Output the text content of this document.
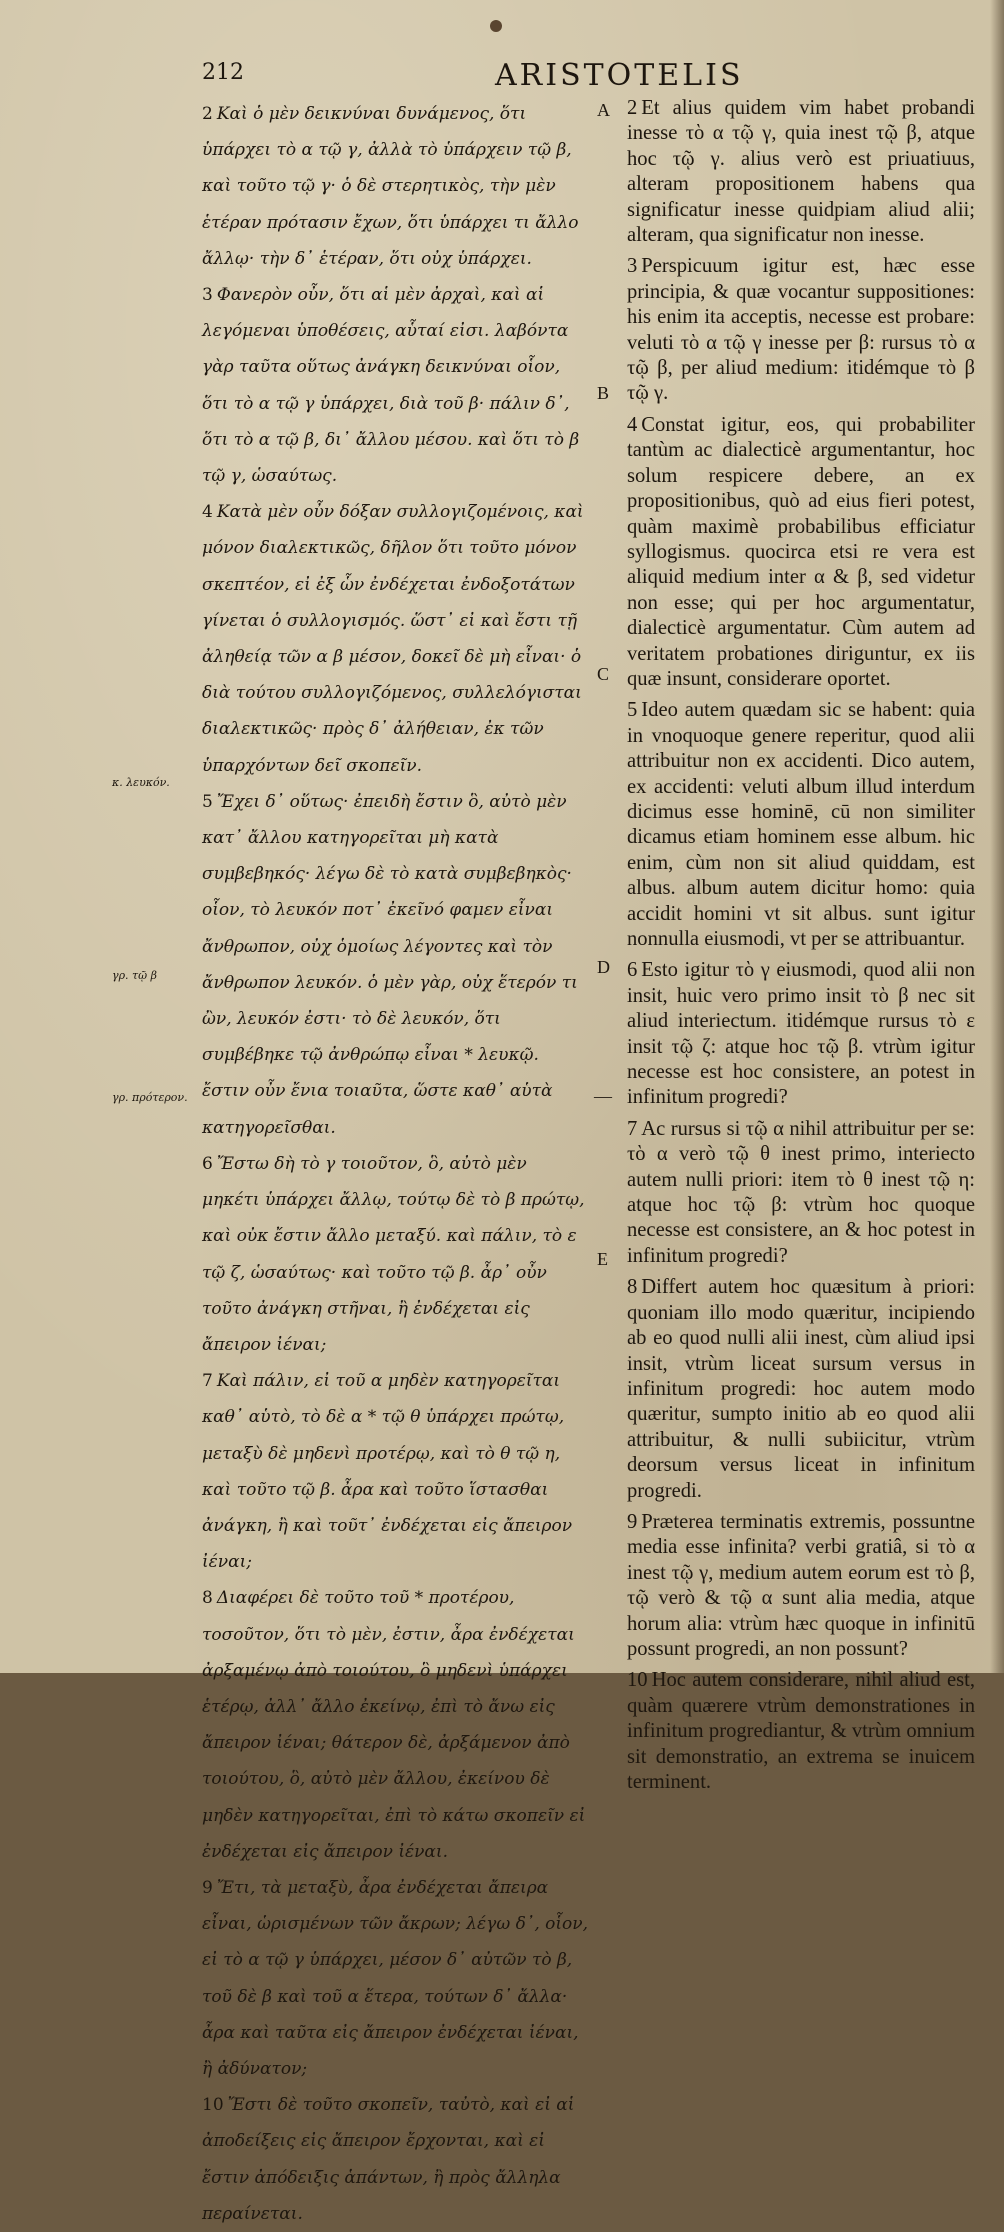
212	ARISTOTELIS

2 Καὶ ὁ μὲν δεικνύναι δυνάμενος, ὅτι ὑπάρχει τὸ α τῷ γ, ἀλλὰ τὸ ὑπάρχειν τῷ β, καὶ τοῦτο τῷ γ· ὁ δὲ στερητικὸς, τὴν μὲν ἑτέραν πρότασιν ἔχων, ὅτι ὑπάρχει τι ἄλλο ἄλλῳ· τὴν δ᾽ ἑτέραν, ὅτι οὐχ ὑπάρχει.

3 Φανερὸν οὖν, ὅτι αἱ μὲν ἀρχαὶ, καὶ αἱ λεγόμεναι ὑποθέσεις, αὗταί εἰσι. λαβόντα γὰρ ταῦτα οὕτως ἀνάγκη δεικνύναι οἷον, ὅτι τὸ α τῷ γ ὑπάρχει, διὰ τοῦ β· πάλιν δ᾽, ὅτι τὸ α τῷ β, δι᾽ ἄλλου μέσου. καὶ ὅτι τὸ β τῷ γ, ὡσαύτως.

4 Κατὰ μὲν οὖν δόξαν συλλογιζομένοις, καὶ μόνον διαλεκτικῶς, δῆλον ὅτι τοῦτο μόνον σκεπτέον, εἰ ἐξ ὧν ἐνδέχεται ἐνδοξοτάτων γίνεται ὁ συλλογισμός. ὥστ᾽ εἰ καὶ ἔστι τῇ ἀληθείᾳ τῶν α β μέσον, δοκεῖ δὲ μὴ εἶναι· ὁ διὰ τούτου συλλογιζόμενος, συλλελόγισται διαλεκτικῶς· πρὸς δ᾽ ἀλήθειαν, ἐκ τῶν ὑπαρχόντων δεῖ σκοπεῖν.

5 Ἔχει δ᾽ οὕτως· ἐπειδὴ ἔστιν ὃ, αὐτὸ μὲν κατ᾽ ἄλλου κατηγορεῖται μὴ κατὰ συμβεβηκός· λέγω δὲ τὸ κατὰ συμβεβηκὸς· οἷον, τὸ λευκόν ποτ᾽ ἐκεῖνό φαμεν εἶναι ἄνθρωπον, οὐχ ὁμοίως λέγοντες καὶ τὸν ἄνθρωπον λευκόν. ὁ μὲν γὰρ, οὐχ ἕτερόν τι ὢν, λευκόν ἐστι· τὸ δὲ λευκόν, ὅτι συμβέβηκε τῷ ἀνθρώπῳ εἶναι * λευκῷ. ἔστιν οὖν ἔνια τοιαῦτα, ὥστε καθ᾽ αὑτὰ κατηγορεῖσθαι.

6 Ἔστω δὴ τὸ γ τοιοῦτον, ὃ, αὐτὸ μὲν μηκέτι ὑπάρχει ἄλλῳ, τούτῳ δὲ τὸ β πρώτῳ, καὶ οὐκ ἔστιν ἄλλο μεταξύ. καὶ πάλιν, τὸ ε τῷ ζ, ὡσαύτως· καὶ τοῦτο τῷ β. ἆρ᾽ οὖν τοῦτο ἀνάγκη στῆναι, ἢ ἐνδέχεται εἰς ἄπειρον ἰέναι;

7 Καὶ πάλιν, εἰ τοῦ α μηδὲν κατηγορεῖται καθ᾽ αὑτὸ, τὸ δὲ α * τῷ θ ὑπάρχει πρώτῳ, μεταξὺ δὲ μηδενὶ προτέρῳ, καὶ τὸ θ τῷ η, καὶ τοῦτο τῷ β. ἆρα καὶ τοῦτο ἵστασθαι ἀνάγκη, ἢ καὶ τοῦτ᾽ ἐνδέχεται εἰς ἄπειρον ἰέναι;

8 Διαφέρει δὲ τοῦτο τοῦ * προτέρου, τοσοῦτον, ὅτι τὸ μὲν, ἐστιν, ἆρα ἐνδέχεται ἀρξαμένῳ ἀπὸ τοιούτου, ὃ μηδενὶ ὑπάρχει ἑτέρῳ, ἀλλ᾽ ἄλλο ἐκείνῳ, ἐπὶ τὸ ἄνω εἰς ἄπειρον ἰέναι; θάτερον δὲ, ἀρξάμενον ἀπὸ τοιούτου, ὃ, αὐτὸ μὲν ἄλλου, ἐκείνου δὲ μηδὲν κατηγορεῖται, ἐπὶ τὸ κάτω σκοπεῖν εἰ ἐνδέχεται εἰς ἄπειρον ἰέναι.

9 Ἔτι, τὰ μεταξὺ, ἆρα ἐνδέχεται ἄπειρα εἶναι, ὡρισμένων τῶν ἄκρων; λέγω δ᾽, οἷον, εἰ τὸ α τῷ γ ὑπάρχει, μέσον δ᾽ αὐτῶν τὸ β, τοῦ δὲ β καὶ τοῦ α ἕτερα, τούτων δ᾽ ἄλλα· ἆρα καὶ ταῦτα εἰς ἄπειρον ἐνδέχεται ἰέναι, ἢ ἀδύνατον;

10 Ἔστι δὲ τοῦτο σκοπεῖν, ταὐτὸ, καὶ εἰ αἱ ἀποδείξεις εἰς ἄπειρον ἔρχονται, καὶ εἰ ἔστιν ἀπόδειξις ἁπάντων, ἢ πρὸς ἄλληλα περαίνεται.

A
B
C
D
E
—
κ. λευκόν.
γρ. τῷ β
γρ. πρότερον.

2 Et alius quidem vim habet probandi inesse τὸ α τῷ γ, quia inest τῷ β, atque hoc τῷ γ. alius verò est priuatiuus, alteram propositionem habens qua significatur inesse quidpiam aliud alii; alteram, qua significatur non inesse.

3 Perspicuum igitur est, hæc esse principia, & quæ vocantur suppositiones: his enim ita acceptis, necesse est probare: veluti τὸ α τῷ γ inesse per β: rursus τὸ α τῷ β, per aliud medium: itidémque τὸ β τῷ γ.

4 Constat igitur, eos, qui probabiliter tantùm ac dialecticè argumentantur, hoc solum respicere debere, an ex propositionibus, quò ad eius fieri potest, quàm maximè probabilibus efficiatur syllogismus. quocirca etsi re vera est aliquid medium inter α & β, sed videtur non esse; qui per hoc argumentatur, dialecticè argumentatur. Cùm autem ad veritatem probationes diriguntur, ex iis quæ insunt, considerare oportet.

5 Ideo autem quædam sic se habent: quia in vnoquoque genere reperitur, quod alii attribuitur non ex accidenti. Dico autem, ex accidenti: veluti album illud interdum dicimus esse hominē, cū non similiter dicamus etiam hominem esse album. hic enim, cùm non sit aliud quiddam, est albus. album autem dicitur homo: quia accidit homini vt sit albus. sunt igitur nonnulla eiusmodi, vt per se attribuantur.

6 Esto igitur τὸ γ eiusmodi, quod alii non insit, huic vero primo insit τὸ β nec sit aliud interiectum. itidémque rursus τὸ ε insit τῷ ζ: atque hoc τῷ β. vtrùm igitur necesse est hoc consistere, an potest in infinitum progredi?

7 Ac rursus si τῷ α nihil attribuitur per se: τὸ α verò τῷ θ inest primo, interiecto autem nulli priori: item τὸ θ inest τῷ η: atque hoc τῷ β: vtrùm hoc quoque necesse est consistere, an & hoc potest in infinitum progredi?

8 Differt autem hoc quæsitum à priori: quoniam illo modo quæritur, incipiendo ab eo quod nulli alii inest, cùm aliud ipsi insit, vtrùm liceat sursum versus in infinitum progredi: hoc autem modo quæritur, sumpto initio ab eo quod alii attribuitur, & nulli subiicitur, vtrùm deorsum versus liceat in infinitum progredi.

9 Præterea terminatis extremis, possuntne media esse infinita? verbi gratiâ, si τὸ α inest τῷ γ, medium autem eorum est τὸ β, τῷ verò & τῷ α sunt alia media, atque horum alia: vtrùm hæc quoque in infinitū possunt progredi, an non possunt?

10 Hoc autem considerare, nihil aliud est, quàm quærere vtrùm demonstrationes in infinitum progrediantur, & vtrùm omnium sit demonstratio, an extrema se inuicem terminent.
